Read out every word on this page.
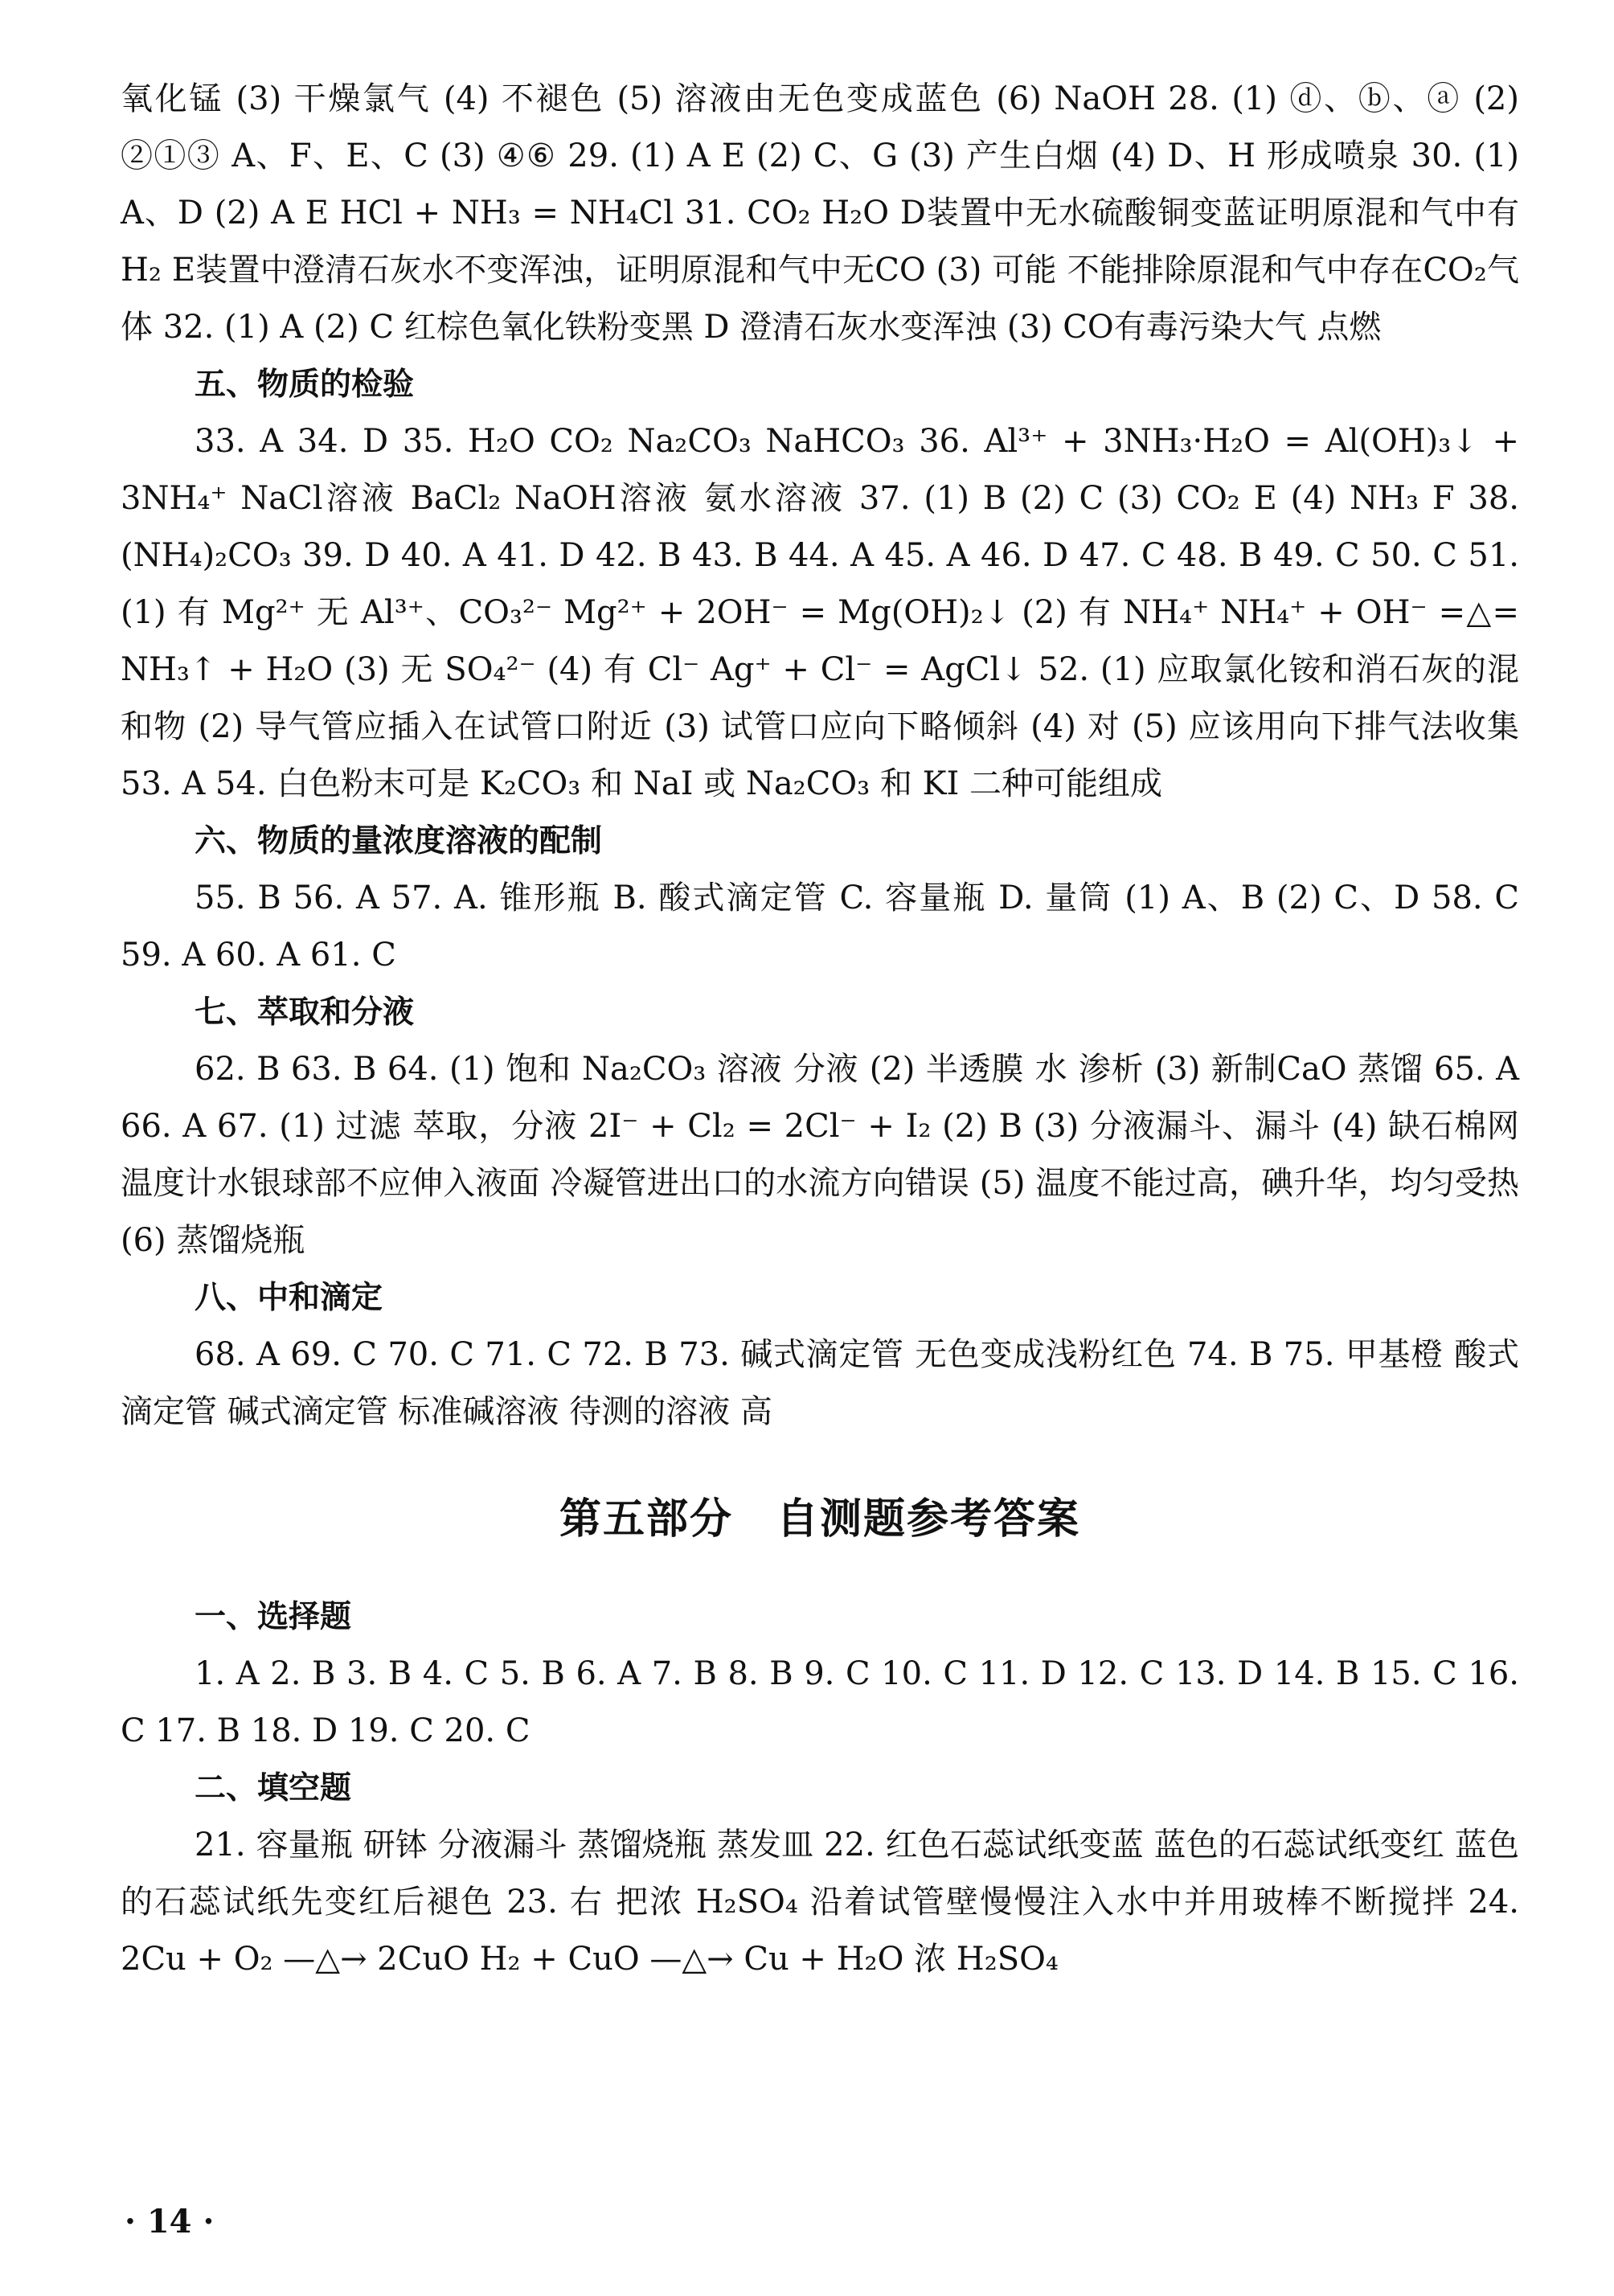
氧化锰 (3) 干燥氯气 (4) 不褪色 (5) 溶液由无色变成蓝色 (6) NaOH 28. (1) ⓓ、ⓑ、ⓐ (2) ②①③ A、F、E、C (3) ④⑥ 29. (1) A E (2) C、G (3) 产生白烟 (4) D、H 形成喷泉 30. (1) A、D (2) A E HCl + NH₃ = NH₄Cl 31. CO₂ H₂O D装置中无水硫酸铜变蓝证明原混和气中有 H₂ E装置中澄清石灰水不变浑浊，证明原混和气中无CO (3) 可能 不能排除原混和气中存在CO₂气体 32. (1) A (2) C 红棕色氧化铁粉变黑 D 澄清石灰水变浑浊 (3) CO有毒污染大气 点燃

五、物质的检验

33. A 34. D 35. H₂O CO₂ Na₂CO₃ NaHCO₃ 36. Al³⁺ + 3NH₃·H₂O = Al(OH)₃↓ + 3NH₄⁺ NaCl溶液 BaCl₂ NaOH溶液 氨水溶液 37. (1) B (2) C (3) CO₂ E (4) NH₃ F 38. (NH₄)₂CO₃ 39. D 40. A 41. D 42. B 43. B 44. A 45. A 46. D 47. C 48. B 49. C 50. C 51. (1) 有 Mg²⁺ 无 Al³⁺、CO₃²⁻ Mg²⁺ + 2OH⁻ = Mg(OH)₂↓ (2) 有 NH₄⁺ NH₄⁺ + OH⁻ =△= NH₃↑ + H₂O (3) 无 SO₄²⁻ (4) 有 Cl⁻ Ag⁺ + Cl⁻ = AgCl↓ 52. (1) 应取氯化铵和消石灰的混和物 (2) 导气管应插入在试管口附近 (3) 试管口应向下略倾斜 (4) 对 (5) 应该用向下排气法收集 53. A 54. 白色粉末可是 K₂CO₃ 和 NaI 或 Na₂CO₃ 和 KI 二种可能组成

六、物质的量浓度溶液的配制

55. B 56. A 57. A. 锥形瓶 B. 酸式滴定管 C. 容量瓶 D. 量筒 (1) A、B (2) C、D 58. C 59. A 60. A 61. C

七、萃取和分液

62. B 63. B 64. (1) 饱和 Na₂CO₃ 溶液 分液 (2) 半透膜 水 渗析 (3) 新制CaO 蒸馏 65. A 66. A 67. (1) 过滤 萃取，分液 2I⁻ + Cl₂ = 2Cl⁻ + I₂ (2) B (3) 分液漏斗、漏斗 (4) 缺石棉网 温度计水银球部不应伸入液面 冷凝管进出口的水流方向错误 (5) 温度不能过高，碘升华，均匀受热 (6) 蒸馏烧瓶

八、中和滴定

68. A 69. C 70. C 71. C 72. B 73. 碱式滴定管 无色变成浅粉红色 74. B 75. 甲基橙 酸式滴定管 碱式滴定管 标准碱溶液 待测的溶液 高

第五部分　自测题参考答案
一、选择题

1. A 2. B 3. B 4. C 5. B 6. A 7. B 8. B 9. C 10. C 11. D 12. C 13. D 14. B 15. C 16. C 17. B 18. D 19. C 20. C

二、填空题

21. 容量瓶 研钵 分液漏斗 蒸馏烧瓶 蒸发皿 22. 红色石蕊试纸变蓝 蓝色的石蕊试纸变红 蓝色的石蕊试纸先变红后褪色 23. 右 把浓 H₂SO₄ 沿着试管壁慢慢注入水中并用玻棒不断搅拌 24. 2Cu + O₂ —△→ 2CuO H₂ + CuO —△→ Cu + H₂O 浓 H₂SO₄

· 14 ·
